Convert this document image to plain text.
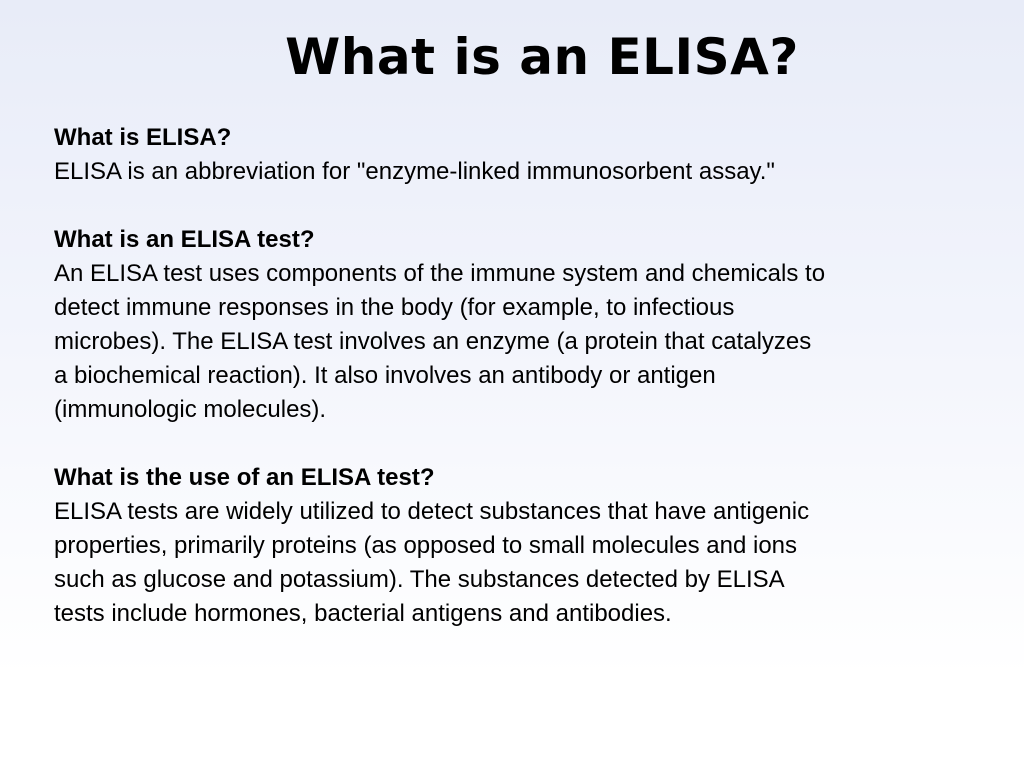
What is an ELISA?
What is ELISA?
ELISA is an abbreviation for "enzyme-linked immunosorbent assay."
What is an ELISA test?
An ELISA test uses components of the immune system and chemicals to
detect immune responses in the body (for example, to infectious
microbes). The ELISA test involves an enzyme (a protein that catalyzes
a biochemical reaction). It also involves an antibody or antigen
(immunologic molecules).
What is the use of an ELISA test?
ELISA tests are widely utilized to detect substances that have antigenic
properties, primarily proteins (as opposed to small molecules and ions
such as glucose and potassium). The substances detected by ELISA
tests include hormones, bacterial antigens and antibodies.
